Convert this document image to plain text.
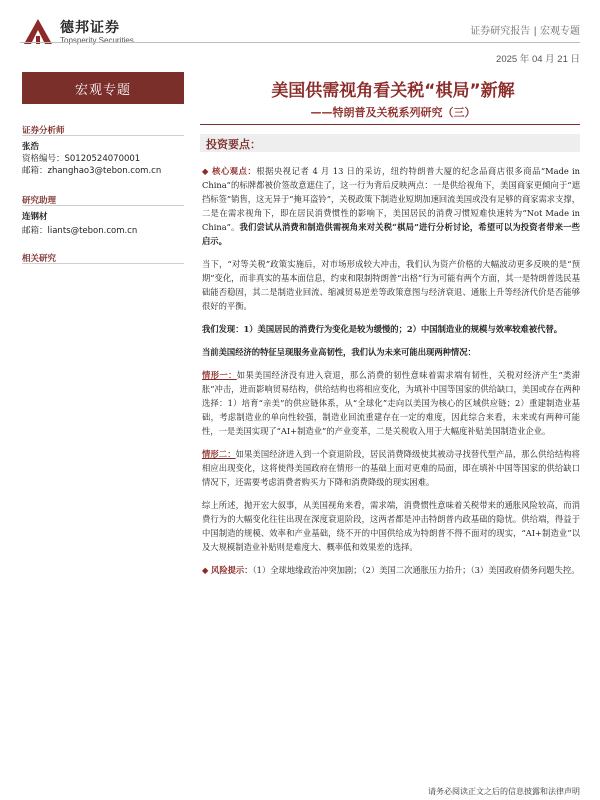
德邦证券
Topsperity Securities
证券研究报告 | 宏观专题
2025 年 04 月 21 日
宏观专题
证券分析师
张浩
资格编号：S0120524070001
邮箱：zhanghao3@tebon.com.cn
研究助理
连钢材
邮箱：liants@tebon.com.cn
相关研究
美国供需视角看关税“棋局”新解
——特朗普及关税系列研究（三）
投资要点：

◆ 核心观点：根据央视记者 4 月 13 日的采访，纽约特朗普大厦的纪念品商店很多商品“Made in China”的标牌都被价签故意遮住了，这一行为背后反映两点：一是供给视角下，美国商家更倾向于“遮挡标签”销售，这无异于“掩耳盗铃”，关税政策下制造业短期加速回流美国或没有足够的商家需求支撑，二是在需求视角下，即在居民消费惯性的影响下，美国居民的消费习惯短难快速转为“Not Made in China”。我们尝试从消费和制造供需视角来对关税“棋局”进行分析讨论，希望可以为投资者带来一些启示。

当下，“对等关税”政策实施后，对市场形成较大冲击，我们认为资产价格的大幅波动更多反映的是“预期”变化，而非真实的基本面信息，约束和限制特朗普“出格”行为可能有两个方面，其一是特朗普选民基础能否稳固，其二是制造业回流、缩减贸易逆差等政策意图与经济衰退、通胀上升等经济代价是否能够很好的平衡。

我们发现：1）美国居民的消费行为变化是较为缓慢的；2）中国制造业的规模与效率较难被代替。

当前美国经济的特征呈现服务业高韧性，我们认为未来可能出现两种情况：

情形一：如果美国经济没有进入衰退，那么消费的韧性意味着需求端有韧性，关税对经济产生“类滞胀”冲击，进而影响贸易结构，供给结构也将相应变化，为填补中国等国家的供给缺口，美国或存在两种选择：1）培育“亲美”的供应链体系，从“全球化”走向以美国为核心的区域供应链；2）重建制造业基础，考虑制造业的单向性较强，制造业回流重建存在一定的难度，因此综合来看，未来或有两种可能性，一是美国实现了“AI+制造业”的产业变革，二是关税收入用于大幅度补贴美国制造业企业。

情形二：如果美国经济进入到一个衰退阶段，居民消费降级使其被动寻找替代型产品，那么供给结构将相应出现变化，这将使得美国政府在情形一的基础上面对更难的局面，即在填补中国等国家的供给缺口情况下，还需要考虑消费者购买力下降和消费降级的现实困难。

综上所述，抛开宏大叙事，从美国视角来看，需求端，消费惯性意味着关税带来的通胀风险较高，而消费行为的大幅变化往往出现在深度衰退阶段，这两者都是冲击特朗普内政基础的隐忧。供给端，得益于中国制造的规模、效率和产业基础，绕不开的中国供给成为特朗普不得不面对的现实，“AI+制造业”以及大规模制造业补贴则是难度大、概率低和效果差的选择。

◆ 风险提示：（1）全球地缘政治冲突加剧；（2）美国二次通胀压力抬升；（3）美国政府债务问题失控。

请务必阅读正文之后的信息披露和法律声明
